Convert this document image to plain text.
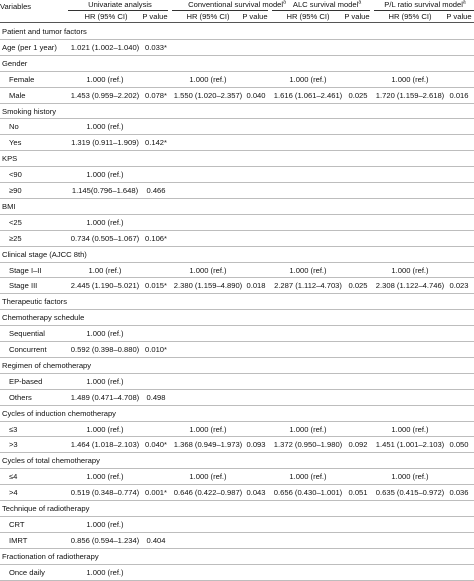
Variables	Univariate analysis	Conventional survival model$^a$ ALC survival model$^a$	P/L ratio survival model$^a$
HR (95% CI)	P value	HR (95% CI)	P value	HR (95% CI)	P value	HR (95% CI)	P value
Patient and tumor factors
Age (per 1 year)	1.021 (1.002–1.040) 0.033*
Gender
Female	1.000 (ref.)	1.000 (ref.)	1.000 (ref.)	1.000 (ref.)
Male	1.453 (0.959–2.202) 0.078* 1.550 (1.020–2.357) 0.040	1.616 (1.061–2.461) 0.025	1.720 (1.159–2.618) 0.016
Smoking history
No	1.000 (ref.)
Yes	1.319 (0.911–1.909) 0.142*
KPS
<90	1.000 (ref.)
≥90	1.145(0.796–1.648)	0.466
BMI
<25	1.000 (ref.)
≥25	0.734 (0.505–1.067) 0.106*
Clinical stage (AJCC 8th)
Stage I–II	1.00 (ref.)	1.000 (ref.)	1.000 (ref.)	1.000 (ref.)
Stage III	2.445 (1.190–5.021) 0.015* 2.380 (1.159–4.890) 0.018	2.287 (1.112–4.703) 0.025	2.308 (1.122–4.746) 0.023
Therapeutic factors
Chemotherapy schedule
Sequential	1.000 (ref.)
Concurrent	0.592 (0.398–0.880) 0.010*
Regimen of chemotherapy
EP-based	1.000 (ref.)
Others	1.489 (0.471–4.708) 0.498
Cycles of induction chemotherapy
≤3	1.000 (ref.)	1.000 (ref.)	1.000 (ref.)	1.000 (ref.)
>3	1.464 (1.018–2.103) 0.040* 1.368 (0.949–1.973) 0.093	1.372 (0.950–1.980) 0.092	1.451 (1.001–2.103) 0.050
Cycles of total chemotherapy
≤4	1.000 (ref.)	1.000 (ref.)	1.000 (ref.)	1.000 (ref.)
>4	0.519 (0.348–0.774) 0.001* 0.646 (0.422–0.987) 0.043	0.656 (0.430–1.001) 0.051	0.635 (0.415–0.972) 0.036
Technique of radiotherapy
CRT	1.000 (ref.)
IMRT	0.856 (0.594–1.234) 0.404
Fractionation of radiotherapy
Once daily	1.000 (ref.)
